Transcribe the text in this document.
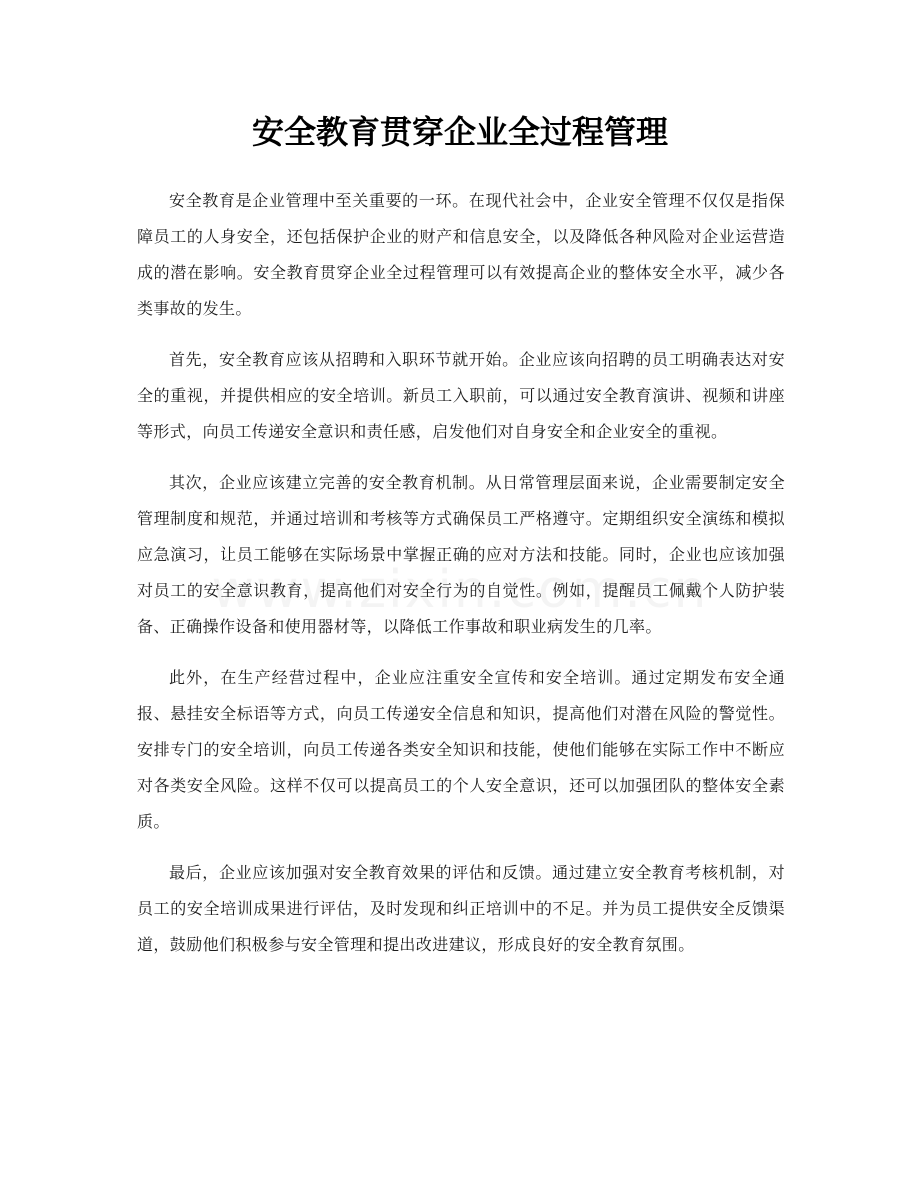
安全教育贯穿企业全过程管理

安全教育是企业管理中至关重要的一环。在现代社会中，企业安全管理不仅仅是指保障员工的人身安全，还包括保护企业的财产和信息安全，以及降低各种风险对企业运营造成的潜在影响。安全教育贯穿企业全过程管理可以有效提高企业的整体安全水平，减少各类事故的发生。

首先，安全教育应该从招聘和入职环节就开始。企业应该向招聘的员工明确表达对安全的重视，并提供相应的安全培训。新员工入职前，可以通过安全教育演讲、视频和讲座等形式，向员工传递安全意识和责任感，启发他们对自身安全和企业安全的重视。

其次，企业应该建立完善的安全教育机制。从日常管理层面来说，企业需要制定安全管理制度和规范，并通过培训和考核等方式确保员工严格遵守。定期组织安全演练和模拟应急演习，让员工能够在实际场景中掌握正确的应对方法和技能。同时，企业也应该加强对员工的安全意识教育，提高他们对安全行为的自觉性。例如，提醒员工佩戴个人防护装备、正确操作设备和使用器材等，以降低工作事故和职业病发生的几率。

此外，在生产经营过程中，企业应注重安全宣传和安全培训。通过定期发布安全通报、悬挂安全标语等方式，向员工传递安全信息和知识，提高他们对潜在风险的警觉性。安排专门的安全培训，向员工传递各类安全知识和技能，使他们能够在实际工作中不断应对各类安全风险。这样不仅可以提高员工的个人安全意识，还可以加强团队的整体安全素质。

最后，企业应该加强对安全教育效果的评估和反馈。通过建立安全教育考核机制，对员工的安全培训成果进行评估，及时发现和纠正培训中的不足。并为员工提供安全反馈渠道，鼓励他们积极参与安全管理和提出改进建议，形成良好的安全教育氛围。
